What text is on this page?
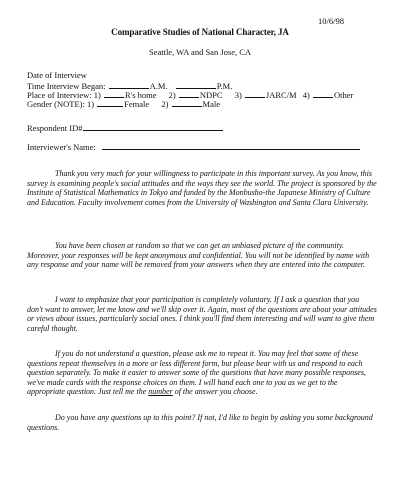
10/6/98
Comparative Studies of National Character, JA
Seattle, WA and San Jose, CA
Date of Interview
Time Interview Began:	A.M.	P.M.
Place of Interview: 1)	R's home 2)	NDPC 3)	JARC/M 4)	Other
Gender (NOTE): 1)	Female 2)	Male
Respondent ID#
Interviewer's Name:

Thank you very much for your willingness to participate in this important survey. As you know, this survey is examining people's social attitudes and the ways they see the world. The project is sponsored by the Institute of Statistical Mathematics in Tokyo and funded by the Monbusho-the Japanese Ministry of Culture and Education. Faculty involvement comes from the University of Washington and Santa Clara University.

You have been chosen at random so that we can get an unbiased picture of the community. Moreover, your responses will be kept anonymous and confidential. You will not be identified by name with any response and your name will be removed from your answers when they are entered into the computer.

I want to emphasize that your participation is completely voluntary. If I ask a question that you don't want to answer, let me know and we'll skip over it. Again, most of the questions are about your attitudes or views about issues, particularly social ones. I think you'll find them interesting and will want to give them careful thought.

If you do not understand a question, please ask me to repeat it. You may feel that some of these questions repeat themselves in a more or less different form, but please bear with us and respond to each question separately. To make it easier to answer some of the questions that have many possible responses, we've made cards with the response choices on them. I will hand each one to you as we get to the appropriate question. Just tell me the number of the answer you choose.

Do you have any questions up to this point? If not, I'd like to begin by asking you some background questions.
